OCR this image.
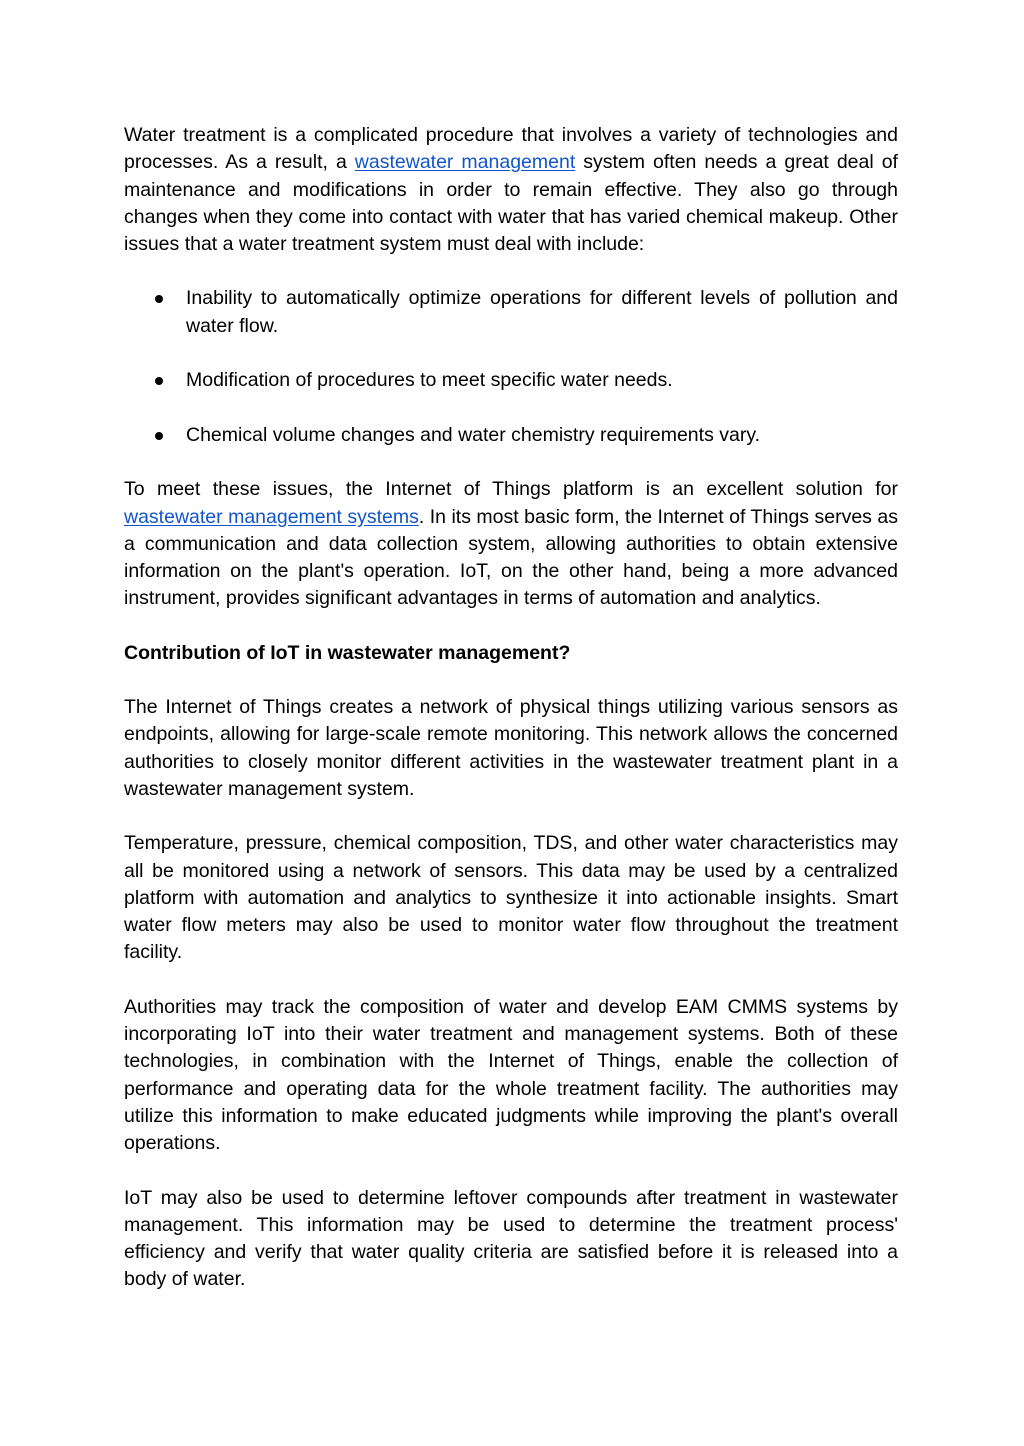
Water treatment is a complicated procedure that involves a variety of technologies and processes. As a result, a wastewater management system often needs a great deal of maintenance and modifications in order to remain effective. They also go through changes when they come into contact with water that has varied chemical makeup. Other issues that a water treatment system must deal with include:

Inability to automatically optimize operations for different levels of pollution and water flow.
Modification of procedures to meet specific water needs.
Chemical volume changes and water chemistry requirements vary.

To meet these issues, the Internet of Things platform is an excellent solution for wastewater management systems. In its most basic form, the Internet of Things serves as a communication and data collection system, allowing authorities to obtain extensive information on the plant's operation. IoT, on the other hand, being a more advanced instrument, provides significant advantages in terms of automation and analytics.

Contribution of IoT in wastewater management?

The Internet of Things creates a network of physical things utilizing various sensors as endpoints, allowing for large-scale remote monitoring. This network allows the concerned authorities to closely monitor different activities in the wastewater treatment plant in a wastewater management system.

Temperature, pressure, chemical composition, TDS, and other water characteristics may all be monitored using a network of sensors. This data may be used by a centralized platform with automation and analytics to synthesize it into actionable insights. Smart water flow meters may also be used to monitor water flow throughout the treatment facility.

Authorities may track the composition of water and develop EAM CMMS systems by incorporating IoT into their water treatment and management systems. Both of these technologies, in combination with the Internet of Things, enable the collection of performance and operating data for the whole treatment facility. The authorities may utilize this information to make educated judgments while improving the plant's overall operations.

IoT may also be used to determine leftover compounds after treatment in wastewater management. This information may be used to determine the treatment process' efficiency and verify that water quality criteria are satisfied before it is released into a body of water.
